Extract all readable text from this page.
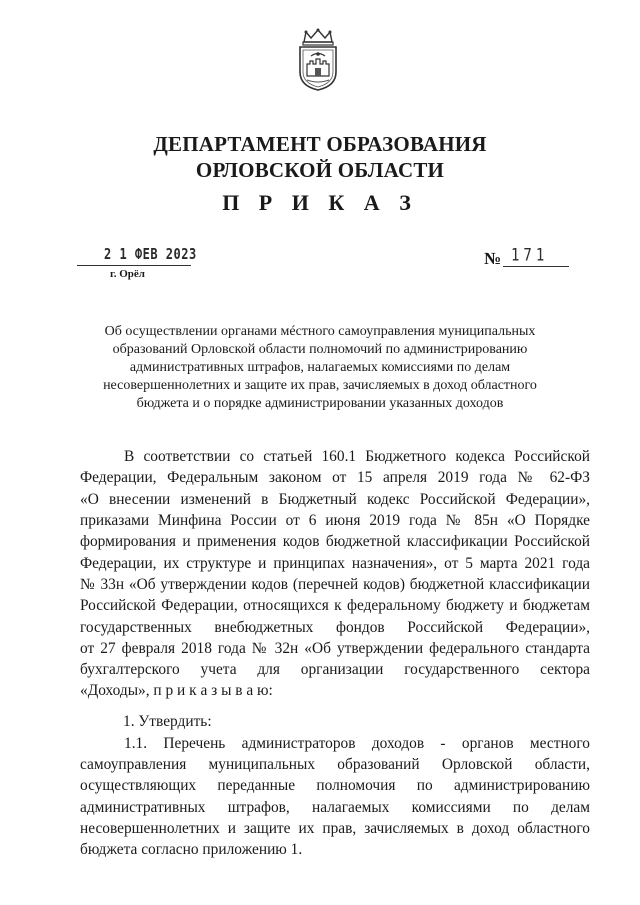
ДЕПАРТАМЕНТ ОБРАЗОВАНИЯ
ОРЛОВСКОЙ ОБЛАСТИ
П Р И К А З
2 1 ФЕВ 2023
г. Орёл
№ 171
Об осуществлении органами мéстного самоуправления муниципальных
образований Орловской области полномочий по администрированию
административных штрафов, налагаемых комиссиями по делам
несовершеннолетних и защите их прав, зачисляемых в доход областного
бюджета и о порядке администрировании указанных доходов
В соответствии со статьей 160.1 Бюджетного кодекса Российской
Федерации, Федеральным законом от 15 апреля 2019 года № 62-ФЗ
«О внесении изменений в Бюджетный кодекс Российской Федерации»,
приказами Минфина России от 6 июня 2019 года № 85н «О Порядке
формирования и применения кодов бюджетной классификации Российской
Федерации, их структуре и принципах назначения», от 5 марта 2021 года
№ 33н «Об утверждении кодов (перечней кодов) бюджетной классификации
Российской Федерации, относящихся к федеральному бюджету и бюджетам
государственных внебюджетных фондов Российской Федерации»,
от 27 февраля 2018 года № 32н «Об утверждении федерального стандарта
бухгалтерского учета для организации государственного сектора
«Доходы», п р и к а з ы в а ю:
1. Утвердить:
1.1. Перечень администраторов доходов - органов местного
самоуправления муниципальных образований Орловской области,
осуществляющих переданные полномочия по администрированию
административных штрафов, налагаемых комиссиями по делам
несовершеннолетних и защите их прав, зачисляемых в доход областного
бюджета согласно приложению 1.
